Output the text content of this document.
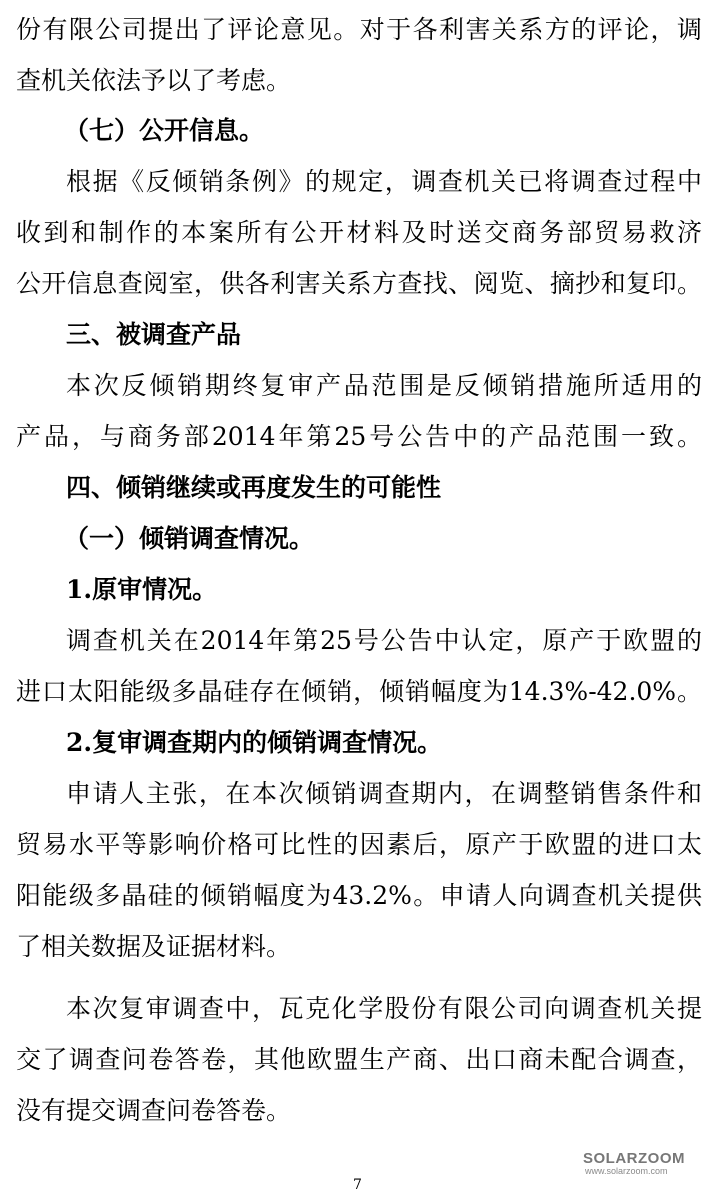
份有限公司提出了评论意见。对于各利害关系方的评论，调
查机关依法予以了考虑。
（七）公开信息。
根据《反倾销条例》的规定，调查机关已将调查过程中
收到和制作的本案所有公开材料及时送交商务部贸易救济
公开信息查阅室，供各利害关系方查找、阅览、摘抄和复印。
三、被调查产品
本次反倾销期终复审产品范围是反倾销措施所适用的
产品，与商务部2014年第25号公告中的产品范围一致。
四、倾销继续或再度发生的可能性
（一）倾销调查情况。
1.原审情况。
调查机关在2014年第25号公告中认定，原产于欧盟的
进口太阳能级多晶硅存在倾销，倾销幅度为14.3%-42.0%。
2.复审调查期内的倾销调查情况。
申请人主张，在本次倾销调查期内，在调整销售条件和
贸易水平等影响价格可比性的因素后，原产于欧盟的进口太
阳能级多晶硅的倾销幅度为43.2%。申请人向调查机关提供
了相关数据及证据材料。
本次复审调查中，瓦克化学股份有限公司向调查机关提
交了调查问卷答卷，其他欧盟生产商、出口商未配合调查，
没有提交调查问卷答卷。
SOLARZOOM
www.solarzoom.com
7
